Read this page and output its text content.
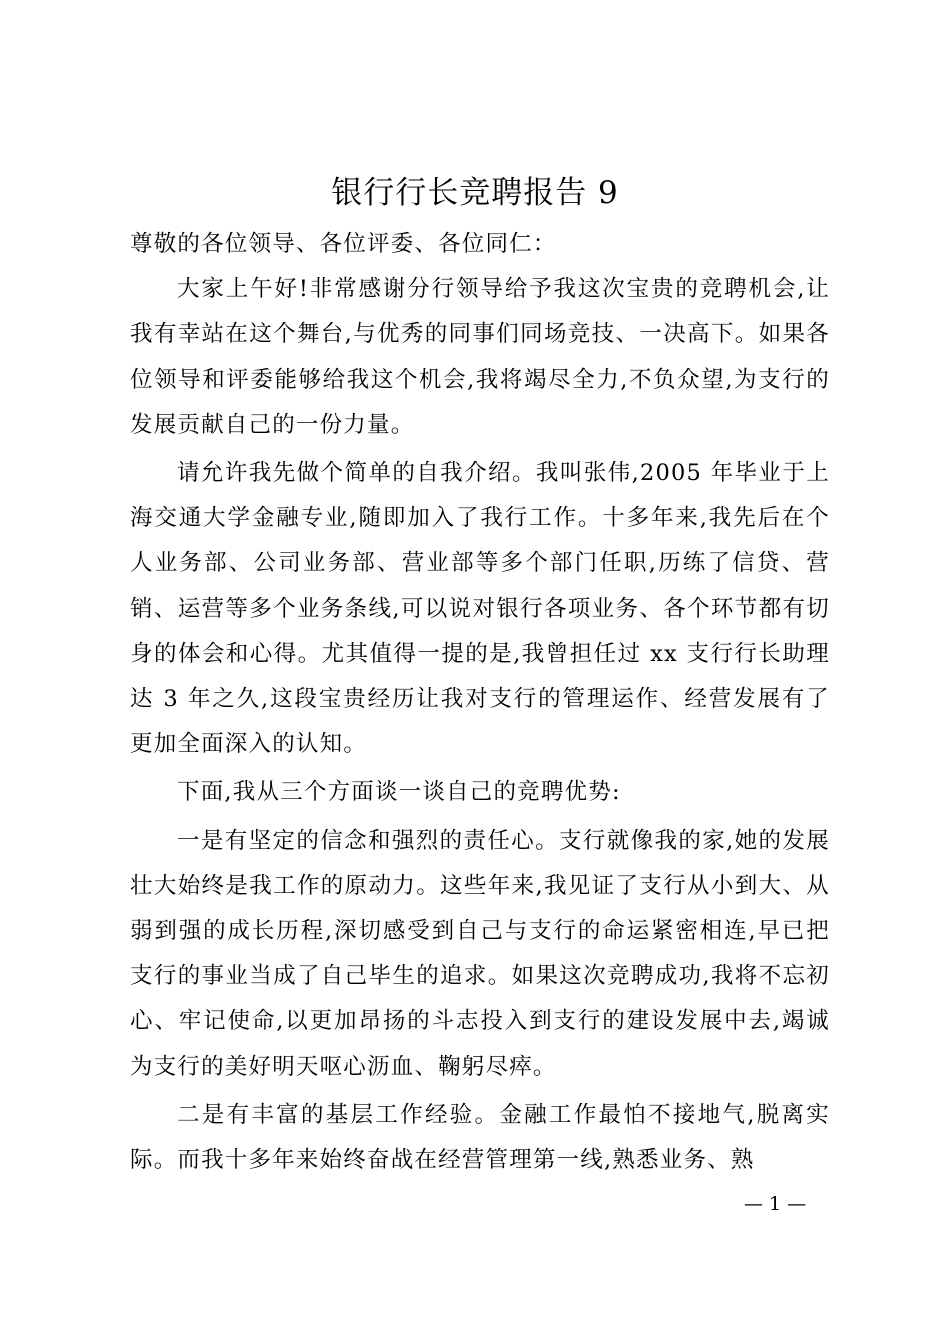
银行行长竞聘报告 9

尊敬的各位领导、各位评委、各位同仁：

大家上午好!非常感谢分行领导给予我这次宝贵的竞聘机会,让我有幸站在这个舞台,与优秀的同事们同场竞技、一决高下。如果各位领导和评委能够给我这个机会,我将竭尽全力,不负众望,为支行的发展贡献自己的一份力量。

请允许我先做个简单的自我介绍。我叫张伟,2005 年毕业于上海交通大学金融专业,随即加入了我行工作。十多年来,我先后在个人业务部、公司业务部、营业部等多个部门任职,历练了信贷、营销、运营等多个业务条线,可以说对银行各项业务、各个环节都有切身的体会和心得。尤其值得一提的是,我曾担任过 xx 支行行长助理达 3 年之久,这段宝贵经历让我对支行的管理运作、经营发展有了更加全面深入的认知。

下面,我从三个方面谈一谈自己的竞聘优势:

一是有坚定的信念和强烈的责任心。支行就像我的家,她的发展壮大始终是我工作的原动力。这些年来,我见证了支行从小到大、从弱到强的成长历程,深切感受到自己与支行的命运紧密相连,早已把支行的事业当成了自己毕生的追求。如果这次竞聘成功,我将不忘初心、牢记使命,以更加昂扬的斗志投入到支行的建设发展中去,竭诚为支行的美好明天呕心沥血、鞠躬尽瘁。

二是有丰富的基层工作经验。金融工作最怕不接地气,脱离实际。而我十多年来始终奋战在经营管理第一线,熟悉业务、熟

— 1 —
